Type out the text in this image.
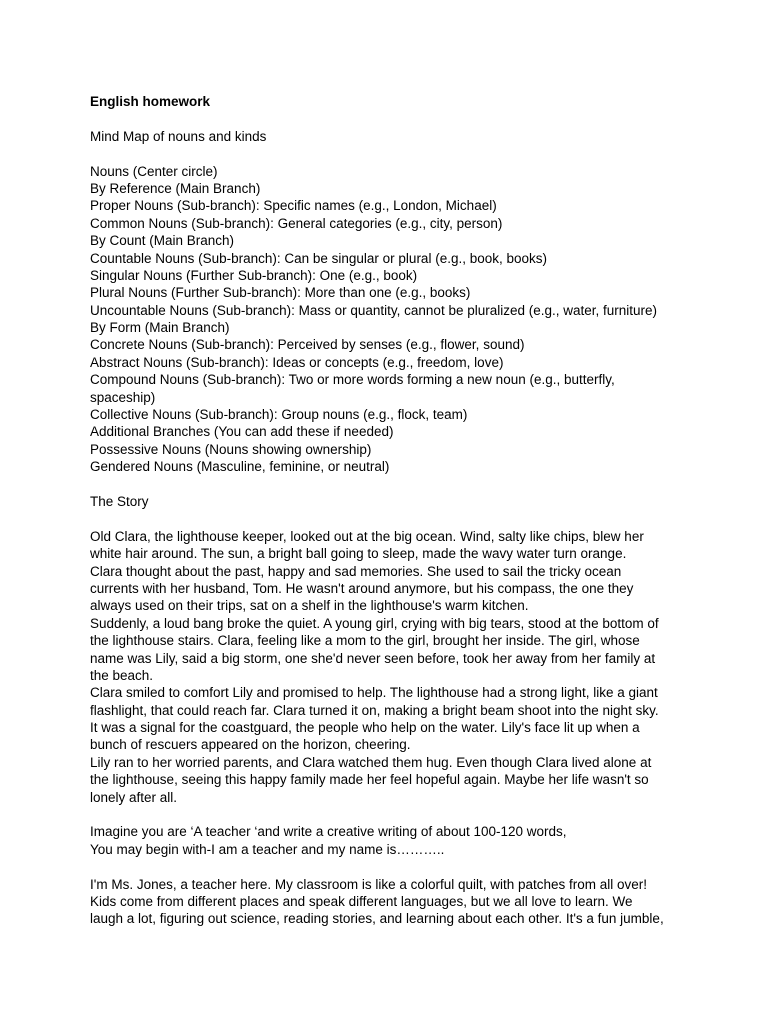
English homework
Mind Map of nouns and kinds
Nouns (Center circle)
By Reference (Main Branch)
Proper Nouns (Sub-branch): Specific names (e.g., London, Michael)
Common Nouns (Sub-branch): General categories (e.g., city, person)
By Count (Main Branch)
Countable Nouns (Sub-branch): Can be singular or plural (e.g., book, books)
Singular Nouns (Further Sub-branch): One (e.g., book)
Plural Nouns (Further Sub-branch): More than one (e.g., books)
Uncountable Nouns (Sub-branch): Mass or quantity, cannot be pluralized (e.g., water, furniture)
By Form (Main Branch)
Concrete Nouns (Sub-branch): Perceived by senses (e.g., flower, sound)
Abstract Nouns (Sub-branch): Ideas or concepts (e.g., freedom, love)
Compound Nouns (Sub-branch): Two or more words forming a new noun (e.g., butterfly,
spaceship)
Collective Nouns (Sub-branch): Group nouns (e.g., flock, team)
Additional Branches (You can add these if needed)
Possessive Nouns (Nouns showing ownership)
Gendered Nouns (Masculine, feminine, or neutral)
The Story
Old Clara, the lighthouse keeper, looked out at the big ocean. Wind, salty like chips, blew her
white hair around. The sun, a bright ball going to sleep, made the wavy water turn orange.
Clara thought about the past, happy and sad memories. She used to sail the tricky ocean
currents with her husband, Tom. He wasn't around anymore, but his compass, the one they
always used on their trips, sat on a shelf in the lighthouse's warm kitchen.
Suddenly, a loud bang broke the quiet. A young girl, crying with big tears, stood at the bottom of
the lighthouse stairs. Clara, feeling like a mom to the girl, brought her inside. The girl, whose
name was Lily, said a big storm, one she'd never seen before, took her away from her family at
the beach.
Clara smiled to comfort Lily and promised to help. The lighthouse had a strong light, like a giant
flashlight, that could reach far. Clara turned it on, making a bright beam shoot into the night sky.
It was a signal for the coastguard, the people who help on the water. Lily's face lit up when a
bunch of rescuers appeared on the horizon, cheering.
Lily ran to her worried parents, and Clara watched them hug. Even though Clara lived alone at
the lighthouse, seeing this happy family made her feel hopeful again. Maybe her life wasn't so
lonely after all.
Imagine you are ‘A teacher ‘and write a creative writing of about 100-120 words,
You may begin with-I am a teacher and my name is………..
I'm Ms. Jones, a teacher here. My classroom is like a colorful quilt, with patches from all over!
Kids come from different places and speak different languages, but we all love to learn. We
laugh a lot, figuring out science, reading stories, and learning about each other. It's a fun jumble,
